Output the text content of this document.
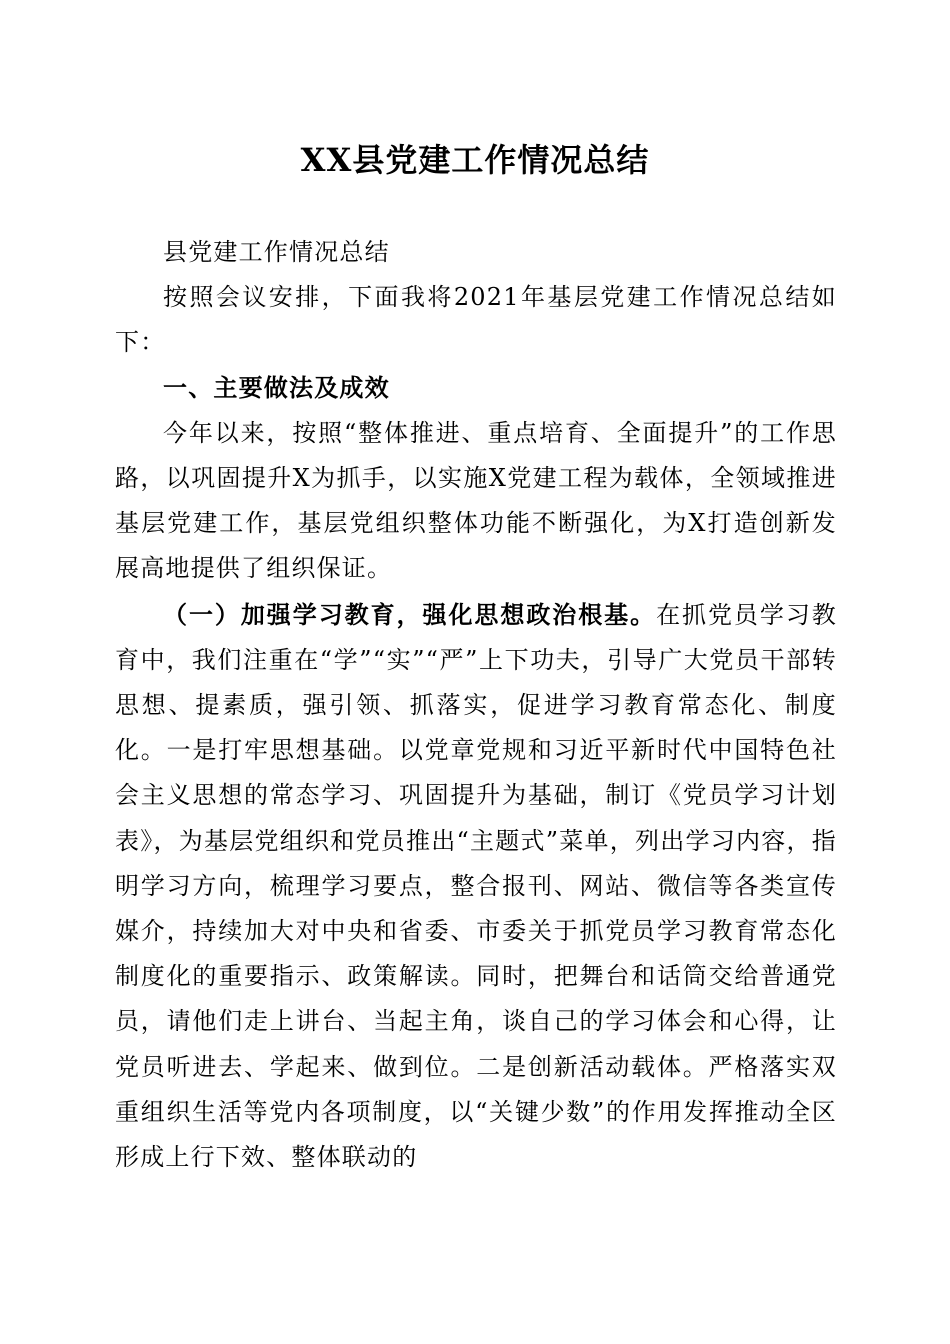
XX县党建工作情况总结

县党建工作情况总结

按照会议安排，下面我将2021年基层党建工作情况总结如下：

一、主要做法及成效

今年以来，按照“整体推进、重点培育、全面提升”的工作思路，以巩固提升X为抓手，以实施X党建工程为载体，全领域推进基层党建工作，基层党组织整体功能不断强化，为X打造创新发展高地提供了组织保证。

（一）加强学习教育，强化思想政治根基。在抓党员学习教育中，我们注重在“学”“实”“严”上下功夫，引导广大党员干部转思想、提素质，强引领、抓落实，促进学习教育常态化、制度化。一是打牢思想基础。以党章党规和习近平新时代中国特色社会主义思想的常态学习、巩固提升为基础，制订《党员学习计划表》，为基层党组织和党员推出“主题式”菜单，列出学习内容，指明学习方向，梳理学习要点，整合报刊、网站、微信等各类宣传媒介，持续加大对中央和省委、市委关于抓党员学习教育常态化制度化的重要指示、政策解读。同时，把舞台和话筒交给普通党员，请他们走上讲台、当起主角，谈自己的学习体会和心得，让党员听进去、学起来、做到位。二是创新活动载体。严格落实双重组织生活等党内各项制度，以“关键少数”的作用发挥推动全区形成上行下效、整体联动的
